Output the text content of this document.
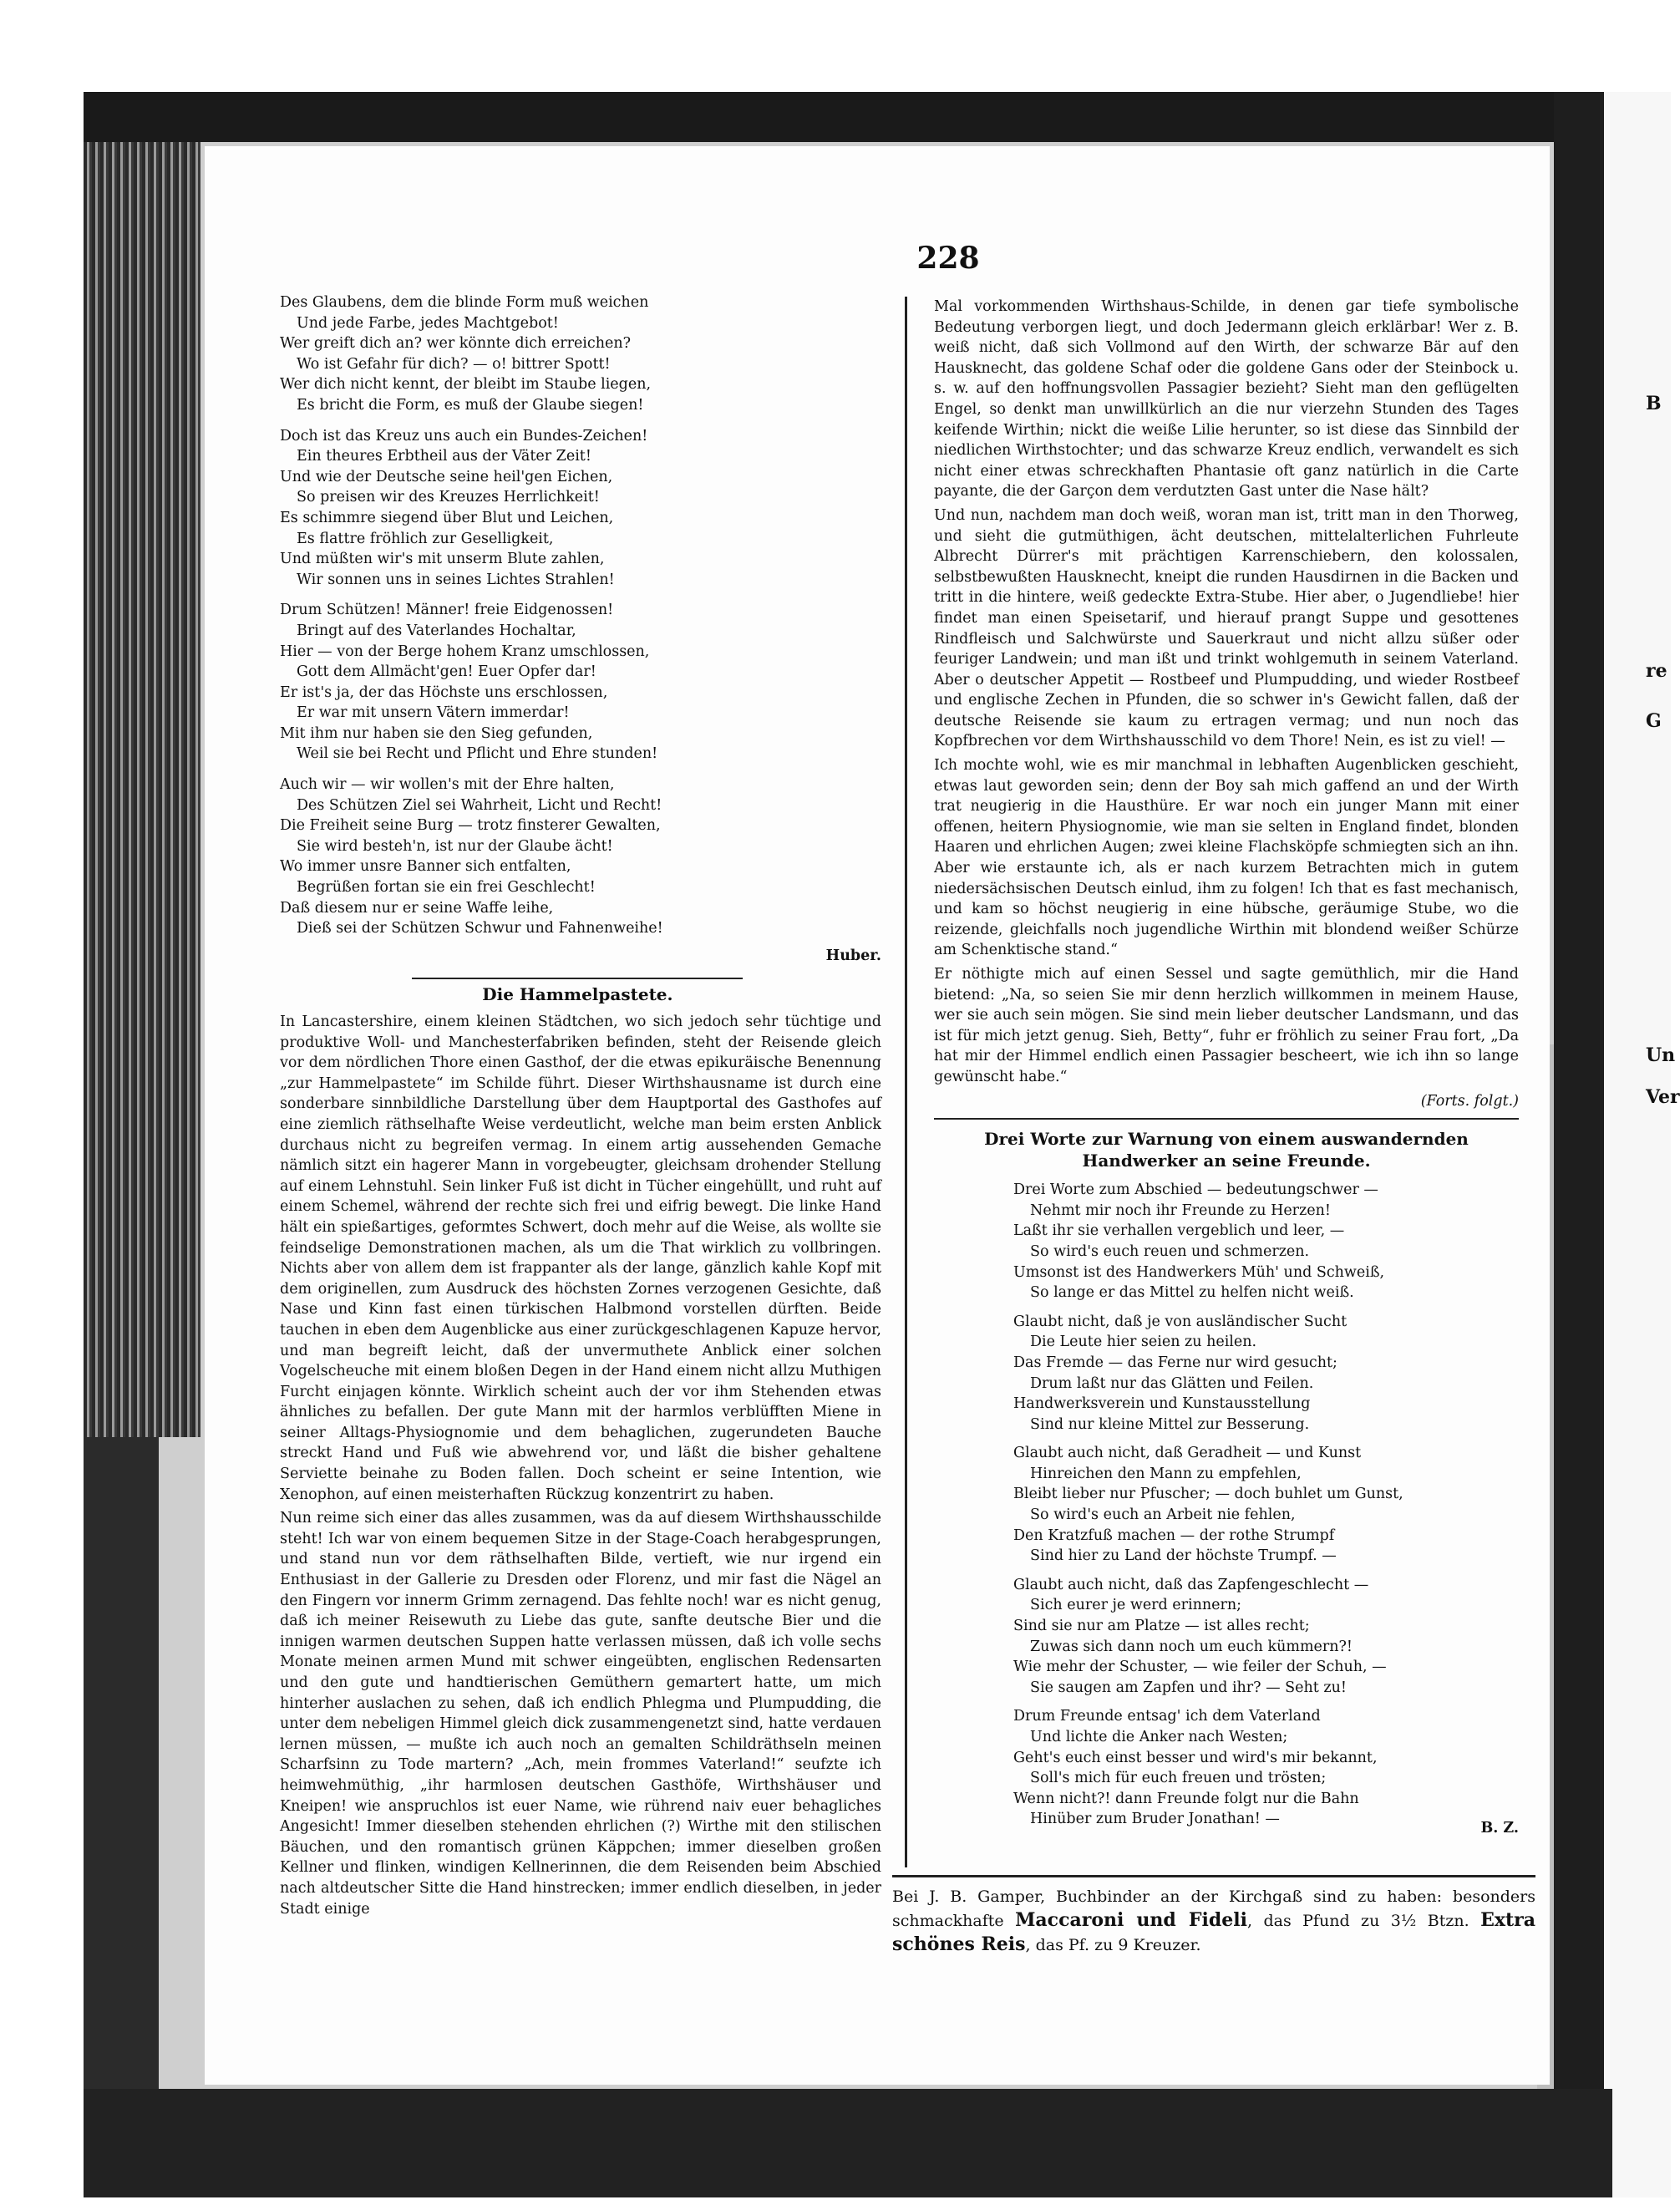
228
Des Glaubens, dem die blinde Form muß weichen
Und jede Farbe, jedes Machtgebot!
Wer greift dich an? wer könnte dich erreichen?
Wo ist Gefahr für dich? — o! bittrer Spott!
Wer dich nicht kennt, der bleibt im Staube liegen,
Es bricht die Form, es muß der Glaube siegen!
Doch ist das Kreuz uns auch ein Bundes-Zeichen!
Ein theures Erbtheil aus der Väter Zeit!
Und wie der Deutsche seine heil'gen Eichen,
So preisen wir des Kreuzes Herrlichkeit!
Es schimmre siegend über Blut und Leichen,
Es flattre fröhlich zur Geselligkeit,
Und müßten wir's mit unserm Blute zahlen,
Wir sonnen uns in seines Lichtes Strahlen!
Drum Schützen! Männer! freie Eidgenossen!
Bringt auf des Vaterlandes Hochaltar,
Hier — von der Berge hohem Kranz umschlossen,
Gott dem Allmächt'gen! Euer Opfer dar!
Er ist's ja, der das Höchste uns erschlossen,
Er war mit unsern Vätern immerdar!
Mit ihm nur haben sie den Sieg gefunden,
Weil sie bei Recht und Pflicht und Ehre stunden!
Auch wir — wir wollen's mit der Ehre halten,
Des Schützen Ziel sei Wahrheit, Licht und Recht!
Die Freiheit seine Burg — trotz finsterer Gewalten,
Sie wird besteh'n, ist nur der Glaube ächt!
Wo immer unsre Banner sich entfalten,
Begrüßen fortan sie ein frei Geschlecht!
Daß diesem nur er seine Waffe leihe,
Dieß sei der Schützen Schwur und Fahnenweihe!
Huber.
Die Hammelpastete.

In Lancastershire, einem kleinen Städtchen, wo sich jedoch sehr tüchtige und produktive Woll- und Manchesterfabriken befinden, steht der Reisende gleich vor dem nördlichen Thore einen Gasthof, der die etwas epikuräische Benennung „zur Hammelpastete“ im Schilde führt. Dieser Wirthshausname ist durch eine sonderbare sinnbildliche Darstellung über dem Hauptportal des Gasthofes auf eine ziemlich räthselhafte Weise verdeutlicht, welche man beim ersten Anblick durchaus nicht zu begreifen vermag. In einem artig aussehenden Gemache nämlich sitzt ein hagerer Mann in vorgebeugter, gleichsam drohender Stellung auf einem Lehnstuhl. Sein linker Fuß ist dicht in Tücher eingehüllt, und ruht auf einem Schemel, während der rechte sich frei und eifrig bewegt. Die linke Hand hält ein spießartiges, geformtes Schwert, doch mehr auf die Weise, als wollte sie feindselige Demonstrationen machen, als um die That wirklich zu vollbringen. Nichts aber von allem dem ist frappanter als der lange, gänzlich kahle Kopf mit dem originellen, zum Ausdruck des höchsten Zornes verzogenen Gesichte, daß Nase und Kinn fast einen türkischen Halbmond vorstellen dürften. Beide tauchen in eben dem Augenblicke aus einer zurückgeschlagenen Kapuze hervor, und man begreift leicht, daß der unvermuthete Anblick einer solchen Vogelscheuche mit einem bloßen Degen in der Hand einem nicht allzu Muthigen Furcht einjagen könnte. Wirklich scheint auch der vor ihm Stehenden etwas ähnliches zu befallen. Der gute Mann mit der harmlos verblüfften Miene in seiner Alltags-Physiognomie und dem behaglichen, zugerundeten Bauche streckt Hand und Fuß wie abwehrend vor, und läßt die bisher gehaltene Serviette beinahe zu Boden fallen. Doch scheint er seine Intention, wie Xenophon, auf einen meisterhaften Rückzug konzentrirt zu haben.

Nun reime sich einer das alles zusammen, was da auf diesem Wirthshausschilde steht! Ich war von einem bequemen Sitze in der Stage-Coach herabgesprungen, und stand nun vor dem räthselhaften Bilde, vertieft, wie nur irgend ein Enthusiast in der Gallerie zu Dresden oder Florenz, und mir fast die Nägel an den Fingern vor innerm Grimm zernagend. Das fehlte noch! war es nicht genug, daß ich meiner Reisewuth zu Liebe das gute, sanfte deutsche Bier und die innigen warmen deutschen Suppen hatte verlassen müssen, daß ich volle sechs Monate meinen armen Mund mit schwer eingeübten, englischen Redensarten und den gute und handtierischen Gemüthern gemartert hatte, um mich hinterher auslachen zu sehen, daß ich endlich Phlegma und Plumpudding, die unter dem nebeligen Himmel gleich dick zusammengenetzt sind, hatte verdauen lernen müssen, — mußte ich auch noch an gemalten Schildräthseln meinen Scharfsinn zu Tode martern? „Ach, mein frommes Vaterland!“ seufzte ich heimwehmüthig, „ihr harmlosen deutschen Gasthöfe, Wirthshäuser und Kneipen! wie anspruchlos ist euer Name, wie rührend naiv euer behagliches Angesicht! Immer dieselben stehenden ehrlichen (?) Wirthe mit den stilischen Bäuchen, und den romantisch grünen Käppchen; immer dieselben großen Kellner und flinken, windigen Kellnerinnen, die dem Reisenden beim Abschied nach altdeutscher Sitte die Hand hinstrecken; immer endlich dieselben, in jeder Stadt einige

Mal vorkommenden Wirthshaus-Schilde, in denen gar tiefe symbolische Bedeutung verborgen liegt, und doch Jedermann gleich erklärbar! Wer z. B. weiß nicht, daß sich Vollmond auf den Wirth, der schwarze Bär auf den Hausknecht, das goldene Schaf oder die goldene Gans oder der Steinbock u. s. w. auf den hoffnungsvollen Passagier bezieht? Sieht man den geflügelten Engel, so denkt man unwillkürlich an die nur vierzehn Stunden des Tages keifende Wirthin; nickt die weiße Lilie herunter, so ist diese das Sinnbild der niedlichen Wirthstochter; und das schwarze Kreuz endlich, verwandelt es sich nicht einer etwas schreckhaften Phantasie oft ganz natürlich in die Carte payante, die der Garçon dem verdutzten Gast unter die Nase hält?

Und nun, nachdem man doch weiß, woran man ist, tritt man in den Thorweg, und sieht die gutmüthigen, ächt deutschen, mittelalterlichen Fuhrleute Albrecht Dürrer's mit prächtigen Karrenschiebern, den kolossalen, selbstbewußten Hausknecht, kneipt die runden Hausdirnen in die Backen und tritt in die hintere, weiß gedeckte Extra-Stube. Hier aber, o Jugendliebe! hier findet man einen Speisetarif, und hierauf prangt Suppe und gesottenes Rindfleisch und Salchwürste und Sauerkraut und nicht allzu süßer oder feuriger Landwein; und man ißt und trinkt wohlgemuth in seinem Vaterland. Aber o deutscher Appetit — Rostbeef und Plumpudding, und wieder Rostbeef und englische Zechen in Pfunden, die so schwer in's Gewicht fallen, daß der deutsche Reisende sie kaum zu ertragen vermag; und nun noch das Kopfbrechen vor dem Wirthshausschild vo dem Thore! Nein, es ist zu viel! —

Ich mochte wohl, wie es mir manchmal in lebhaften Augenblicken geschieht, etwas laut geworden sein; denn der Boy sah mich gaffend an und der Wirth trat neugierig in die Hausthüre. Er war noch ein junger Mann mit einer offenen, heitern Physiognomie, wie man sie selten in England findet, blonden Haaren und ehrlichen Augen; zwei kleine Flachsköpfe schmiegten sich an ihn. Aber wie erstaunte ich, als er nach kurzem Betrachten mich in gutem niedersächsischen Deutsch einlud, ihm zu folgen! Ich that es fast mechanisch, und kam so höchst neugierig in eine hübsche, geräumige Stube, wo die reizende, gleichfalls noch jugendliche Wirthin mit blondend weißer Schürze am Schenktische stand.“

Er nöthigte mich auf einen Sessel und sagte gemüthlich, mir die Hand bietend: „Na, so seien Sie mir denn herzlich willkommen in meinem Hause, wer sie auch sein mögen. Sie sind mein lieber deutscher Landsmann, und das ist für mich jetzt genug. Sieh, Betty“, fuhr er fröhlich zu seiner Frau fort, „Da hat mir der Himmel endlich einen Passagier bescheert, wie ich ihn so lange gewünscht habe.“

(Forts. folgt.)
Drei Worte zur Warnung von einem auswandernden Handwerker an seine Freunde.
Drei Worte zum Abschied — bedeutungschwer —
Nehmt mir noch ihr Freunde zu Herzen!
Laßt ihr sie verhallen vergeblich und leer, —
So wird's euch reuen und schmerzen.
Umsonst ist des Handwerkers Müh' und Schweiß,
So lange er das Mittel zu helfen nicht weiß.
Glaubt nicht, daß je von ausländischer Sucht
Die Leute hier seien zu heilen.
Das Fremde — das Ferne nur wird gesucht;
Drum laßt nur das Glätten und Feilen.
Handwerksverein und Kunstausstellung
Sind nur kleine Mittel zur Besserung.
Glaubt auch nicht, daß Geradheit — und Kunst
Hinreichen den Mann zu empfehlen,
Bleibt lieber nur Pfuscher; — doch buhlet um Gunst,
So wird's euch an Arbeit nie fehlen,
Den Kratzfuß machen — der rothe Strumpf
Sind hier zu Land der höchste Trumpf. —
Glaubt auch nicht, daß das Zapfengeschlecht —
Sich eurer je werd erinnern;
Sind sie nur am Platze — ist alles recht;
Zuwas sich dann noch um euch kümmern?!
Wie mehr der Schuster, — wie feiler der Schuh, —
Sie saugen am Zapfen und ihr? — Seht zu!
Drum Freunde entsag' ich dem Vaterland
Und lichte die Anker nach Westen;
Geht's euch einst besser und wird's mir bekannt,
Soll's mich für euch freuen und trösten;
Wenn nicht?! dann Freunde folgt nur die Bahn
Hinüber zum Bruder Jonathan! —
B. Z.
Bei J. B. Gamper, Buchbinder an der Kirchgaß sind zu haben: besonders schmackhafte Maccaroni und Fideli, das Pfund zu 3½ Btzn. Extra schönes Reis, das Pf. zu 9 Kreuzer.
B
re
G
Un
Ver
